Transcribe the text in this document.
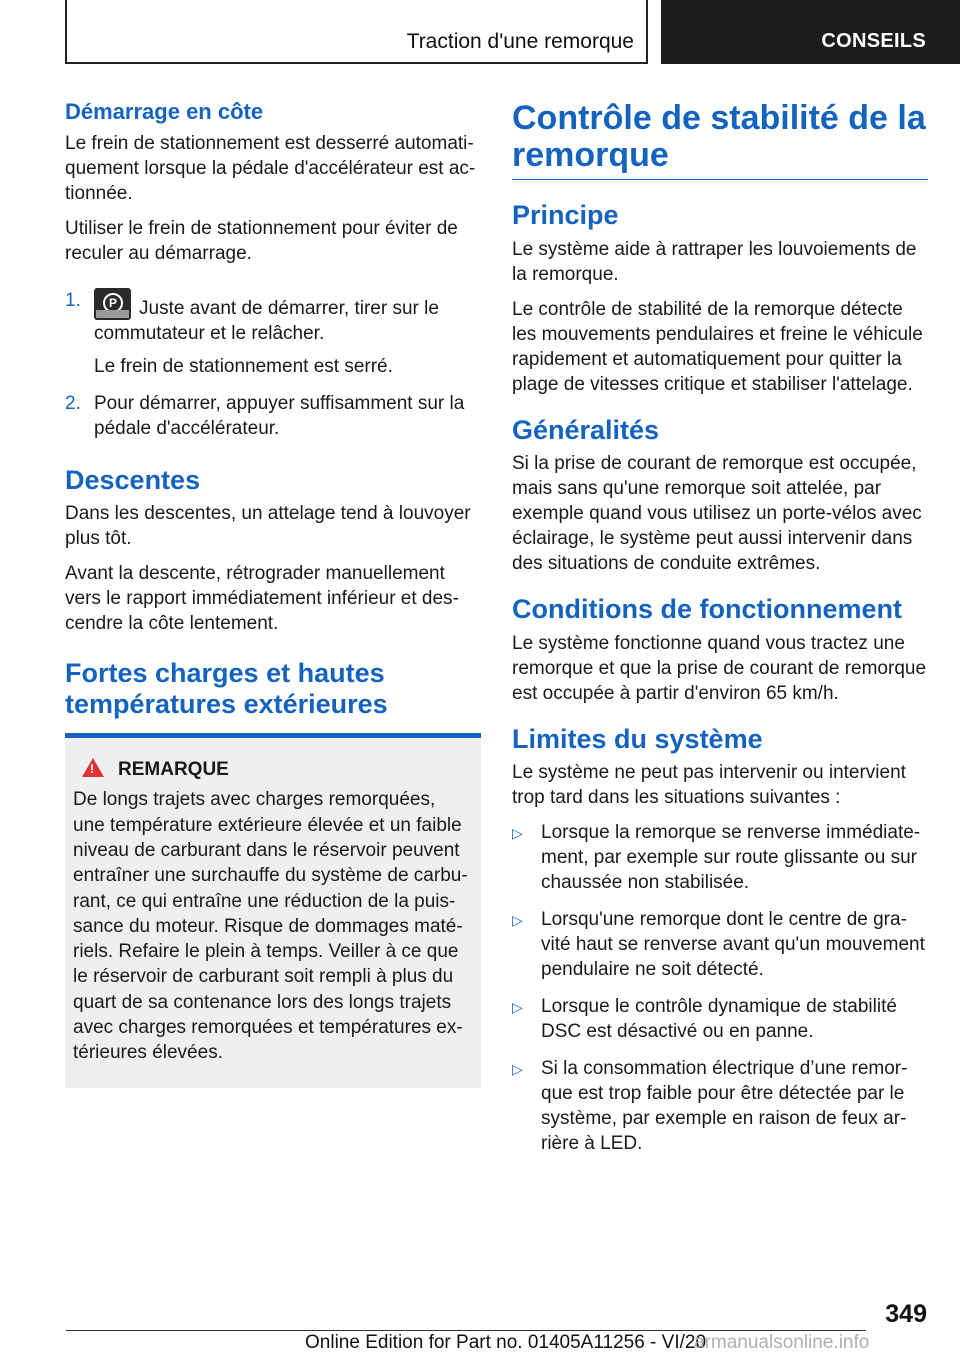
Traction d'une remorque	CONSEILS
Démarrage en côte

Le frein de stationnement est desserré automatiquement lorsque la pédale d'accélérateur est actionnée.

Utiliser le frein de stationnement pour éviter de reculer au démarrage.

1.	P	Juste avant de démarrer, tirer sur le commutateur et le relâcher.
Le frein de stationnement est serré.
2. Pour démarrer, appuyer suffisamment sur la pédale d'accélérateur.
Descentes

Dans les descentes, un attelage tend à louvoyer plus tôt.

Avant la descente, rétrograder manuellement vers le rapport immédiatement inférieur et descendre la côte lentement.

Fortes charges et hautes températures extérieures
!REMARQUE

De longs trajets avec charges remorquées, une température extérieure élevée et un faible niveau de carburant dans le réservoir peuvent entraîner une surchauffe du système de carburant, ce qui entraîne une réduction de la puissance du moteur. Risque de dommages matériels. Refaire le plein à temps. Veiller à ce que le réservoir de carburant soit rempli à plus du quart de sa contenance lors des longs trajets avec charges remorquées et températures extérieures élevées.

Contrôle de stabilité de la remorque
Principe

Le système aide à rattraper les louvoiements de la remorque.

Le contrôle de stabilité de la remorque détecte les mouvements pendulaires et freine le véhicule rapidement et automatiquement pour quitter la plage de vitesses critique et stabiliser l'attelage.

Généralités

Si la prise de courant de remorque est occupée, mais sans qu'une remorque soit attelée, par exemple quand vous utilisez un porte-vélos avec éclairage, le système peut aussi intervenir dans des situations de conduite extrêmes.

Conditions de fonctionnement

Le système fonctionne quand vous tractez une remorque et que la prise de courant de remorque est occupée à partir d'environ 65 km/h.

Limites du système

Le système ne peut pas intervenir ou intervient trop tard dans les situations suivantes :

▷ Lorsque la remorque se renverse immédiatement, par exemple sur route glissante ou sur chaussée non stabilisée.
▷ Lorsqu'une remorque dont le centre de gravité haut se renverse avant qu'un mouvement pendulaire ne soit détecté.
▷ Lorsque le contrôle dynamique de stabilité DSC est désactivé ou en panne.
▷ Si la consommation électrique d’une remorque est trop faible pour être détectée par le système, par exemple en raison de feux arrière à LED.
349
Online Edition for Part no. 01405A11256 - VI/20
armanualsonline.info
